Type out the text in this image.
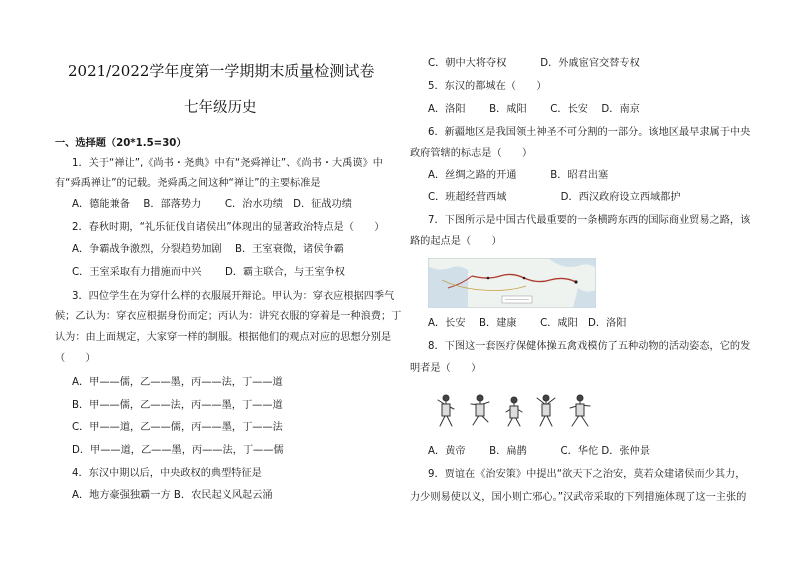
2021/2022学年度第一学期期末质量检测试卷
七年级历史
一、选择题（20*1.5=30）
1．关于“禅让”,《尚书・尧典》中有“尧舜禅让”、《尚书・大禹谟》中
有“舜禹禅让”的记载。尧舜禹之间这种“禅让”的主要标准是
A．德能兼备　 B．部落势力　　 C．治水功绩　D．征战功绩
2．春秋时期，“礼乐征伐自诸侯出”体现出的显著政治特点是（　　）
A．争霸战争激烈，分裂趋势加剧　 B．王室衰微，诸侯争霸
C．王室采取有力措施而中兴　　 D．霸主联合，与王室争权
3．四位学生在为穿什么样的衣服展开辩论。甲认为：穿衣应根据四季气
候；乙认为：穿衣应根据身份而定；丙认为：讲究衣服的穿着是一种浪费；丁
认为：由上面规定，大家穿一样的制服。根据他们的观点对应的思想分别是
（　　）
A．甲——儒，乙——墨，丙——法，丁——道
B．甲——儒，乙——法，丙——墨，丁——道
C．甲——道，乙——儒，丙——墨，丁——法
D．甲——道，乙——墨，丙——法，丁——儒
4．东汉中期以后，中央政权的典型特征是
A．地方豪强独霸一方 B．农民起义风起云涌
C．朝中大将夺权　　　 D．外戚宦官交替专权
5．东汉的都城在（　　）
A．洛阳　　 B．咸阳　　 C．长安　 D．南京
6．新疆地区是我国领土神圣不可分割的一部分。该地区最早隶属于中央
政府管辖的标志是（　　）
A．丝绸之路的开通　　　 B．昭君出塞
C．班超经营西域　　　　　 D．西汉政府设立西域都护
7．下图所示是中国古代最重要的一条横跨东西的国际商业贸易之路，该
路的起点是（　　）
A．长安　 B．建康　　 C．咸阳　D．洛阳
8．下图这一套医疗保健体操五禽戏模仿了五种动物的活动姿态，它的发
明者是（　　）
A．黄帝　　 B．扁鹊　　　 C．华佗 D．张仲景
9．贾谊在《治安策》中提出“欲天下之治安，莫若众建诸侯而少其力，
力少则易使以义，国小则亡邪心。”汉武帝采取的下列措施体现了这一主张的
